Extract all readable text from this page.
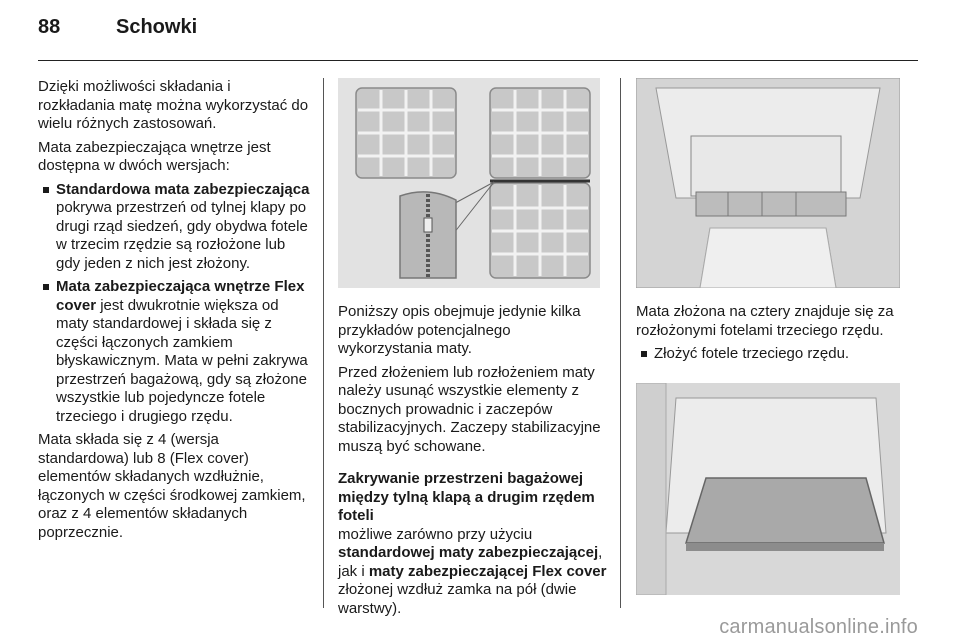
88	Schowki

Dzięki możliwości składania i rozkładania matę można wykorzystać do wielu różnych zastosowań.

Mata zabezpieczająca wnętrze jest dostępna w dwóch wersjach:

Standardowa mata zabezpieczająca pokrywa przestrzeń od tylnej klapy po drugi rząd siedzeń, gdy obydwa fotele w trzecim rzędzie są rozłożone lub gdy jeden z nich jest złożony.
Mata zabezpieczająca wnętrze Flex cover jest dwukrotnie większa od maty standardowej i składa się z części łączonych zamkiem błyskawicznym. Mata w pełni zakrywa przestrzeń bagażową, gdy są złożone wszystkie lub pojedyncze fotele trzeciego i drugiego rzędu.

Mata składa się z 4 (wersja standardowa) lub 8 (Flex cover) elementów składanych wzdłużnie, łączonych w części środkowej zamkiem, oraz z 4 elementów składanych poprzecznie.

Poniższy opis obejmuje jedynie kilka przykładów potencjalnego wykorzystania maty.

Przed złożeniem lub rozłożeniem maty należy usunąć wszystkie elementy z bocznych prowadnic i zaczepów stabilizacyjnych. Zaczepy stabilizacyjne muszą być schowane.

Zakrywanie przestrzeni bagażowej między tylną klapą a drugim rzędem foteli

możliwe zarówno przy użyciu standardowej maty zabezpieczającej, jak i maty zabezpieczającej Flex cover złożonej wzdłuż zamka na pół (dwie warstwy).

Mata złożona na cztery znajduje się za rozłożonymi fotelami trzeciego rzędu.

Złożyć fotele trzeciego rzędu.
carmanualsonline.info
